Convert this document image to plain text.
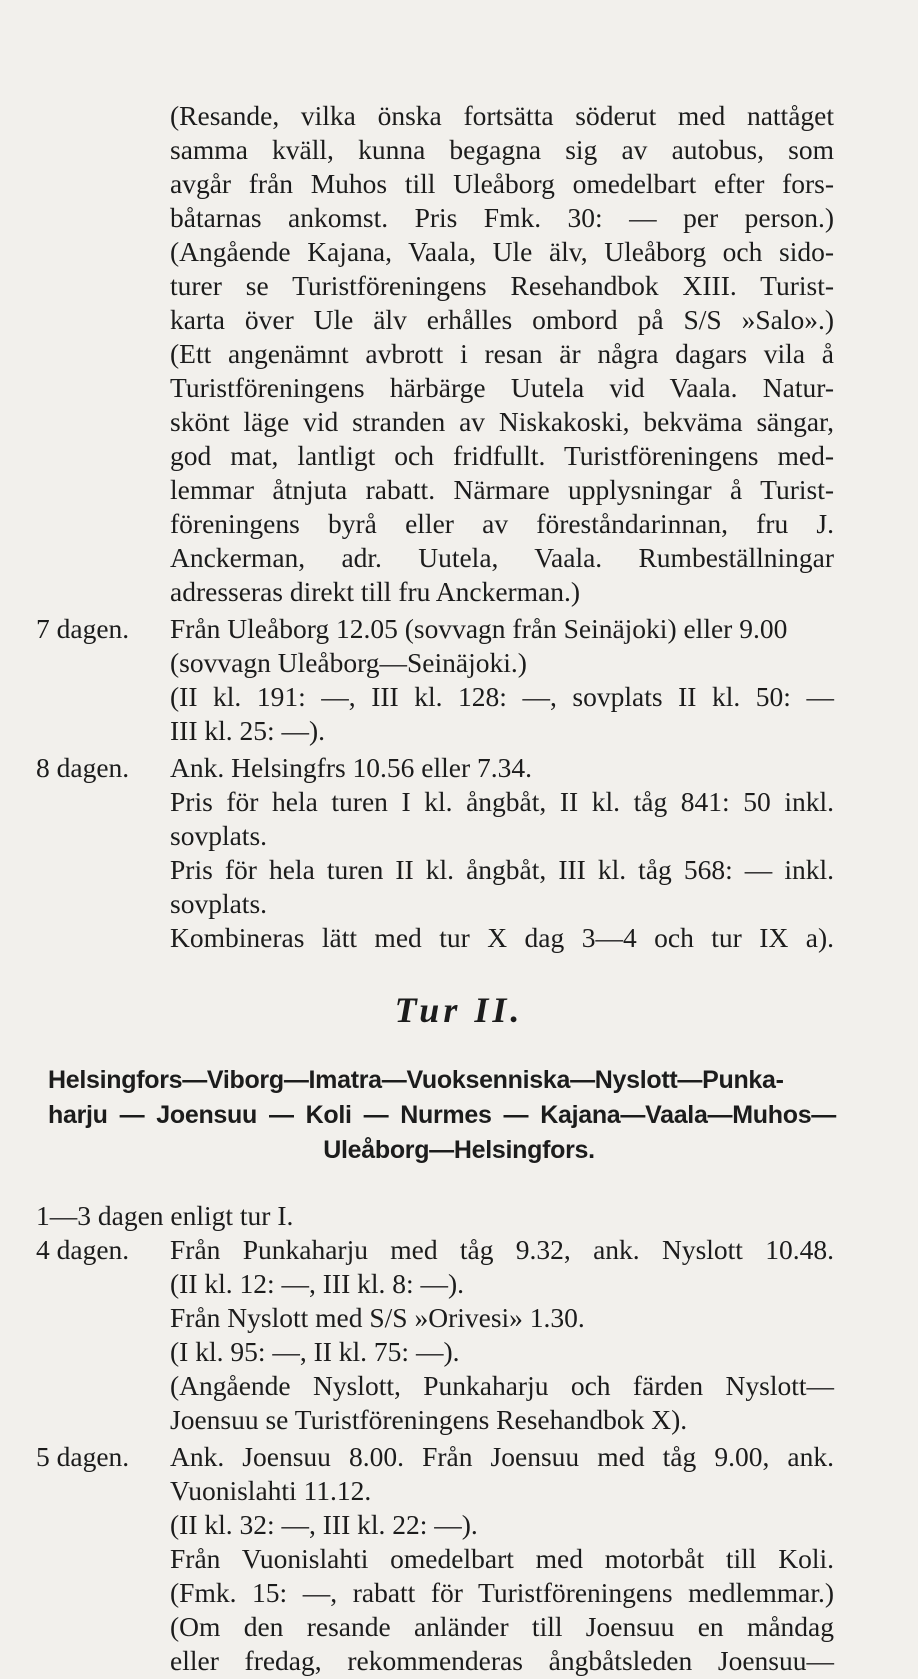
(Resande, vilka önska fortsätta söderut med nattåget
samma kväll, kunna begagna sig av autobus, som
avgår från Muhos till Uleåborg omedelbart efter fors-
båtarnas ankomst. Pris Fmk. 30: — per person.)
(Angående Kajana, Vaala, Ule älv, Uleåborg och sido-
turer se Turistföreningens Resehandbok XIII. Turist-
karta över Ule älv erhålles ombord på S/S »Salo».)
(Ett angenämnt avbrott i resan är några dagars vila å
Turistföreningens härbärge Uutela vid Vaala. Natur-
skönt läge vid stranden av Niskakoski, bekväma sängar,
god mat, lantligt och fridfullt. Turistföreningens med-
lemmar åtnjuta rabatt. Närmare upplysningar å Turist-
föreningens byrå eller av föreståndarinnan, fru J.
Anckerman, adr. Uutela, Vaala. Rumbeställningar
adresseras direkt till fru Anckerman.)
7 dagen. Från Uleåborg 12.05 (sovvagn från Seinäjoki) eller 9.00
(sovvagn Uleåborg—Seinäjoki.)
(II kl. 191: —, III kl. 128: —, sovplats II kl. 50: —
III kl. 25: —).
8 dagen. Ank. Helsingfrs 10.56 eller 7.34.
Pris för hela turen I kl. ångbåt, II kl. tåg 841: 50 inkl.
sovplats.
Pris för hela turen II kl. ångbåt, III kl. tåg 568: — inkl.
sovplats.
Kombineras lätt med tur X dag 3—4 och tur IX a).
Tur II.
Helsingfors—Viborg—Imatra—Vuoksenniska—Nyslott—Punka-
harju — Joensuu — Koli — Nurmes — Kajana—Vaala—Muhos—
Uleåborg—Helsingfors.
1—3 dagen enligt tur I.
4 dagen. Från Punkaharju med tåg 9.32, ank. Nyslott 10.48.
(II kl. 12: —, III kl. 8: —).
Från Nyslott med S/S »Orivesi» 1.30.
(I kl. 95: —, II kl. 75: —).
(Angående Nyslott, Punkaharju och färden Nyslott—
Joensuu se Turistföreningens Resehandbok X).
5 dagen. Ank. Joensuu 8.00. Från Joensuu med tåg 9.00, ank.
Vuonislahti 11.12.
(II kl. 32: —, III kl. 22: —).
Från Vuonislahti omedelbart med motorbåt till Koli.
(Fmk. 15: —, rabatt för Turistföreningens medlemmar.)
(Om den resande anländer till Joensuu en måndag
eller fredag, rekommenderas ångbåtsleden Joensuu—
